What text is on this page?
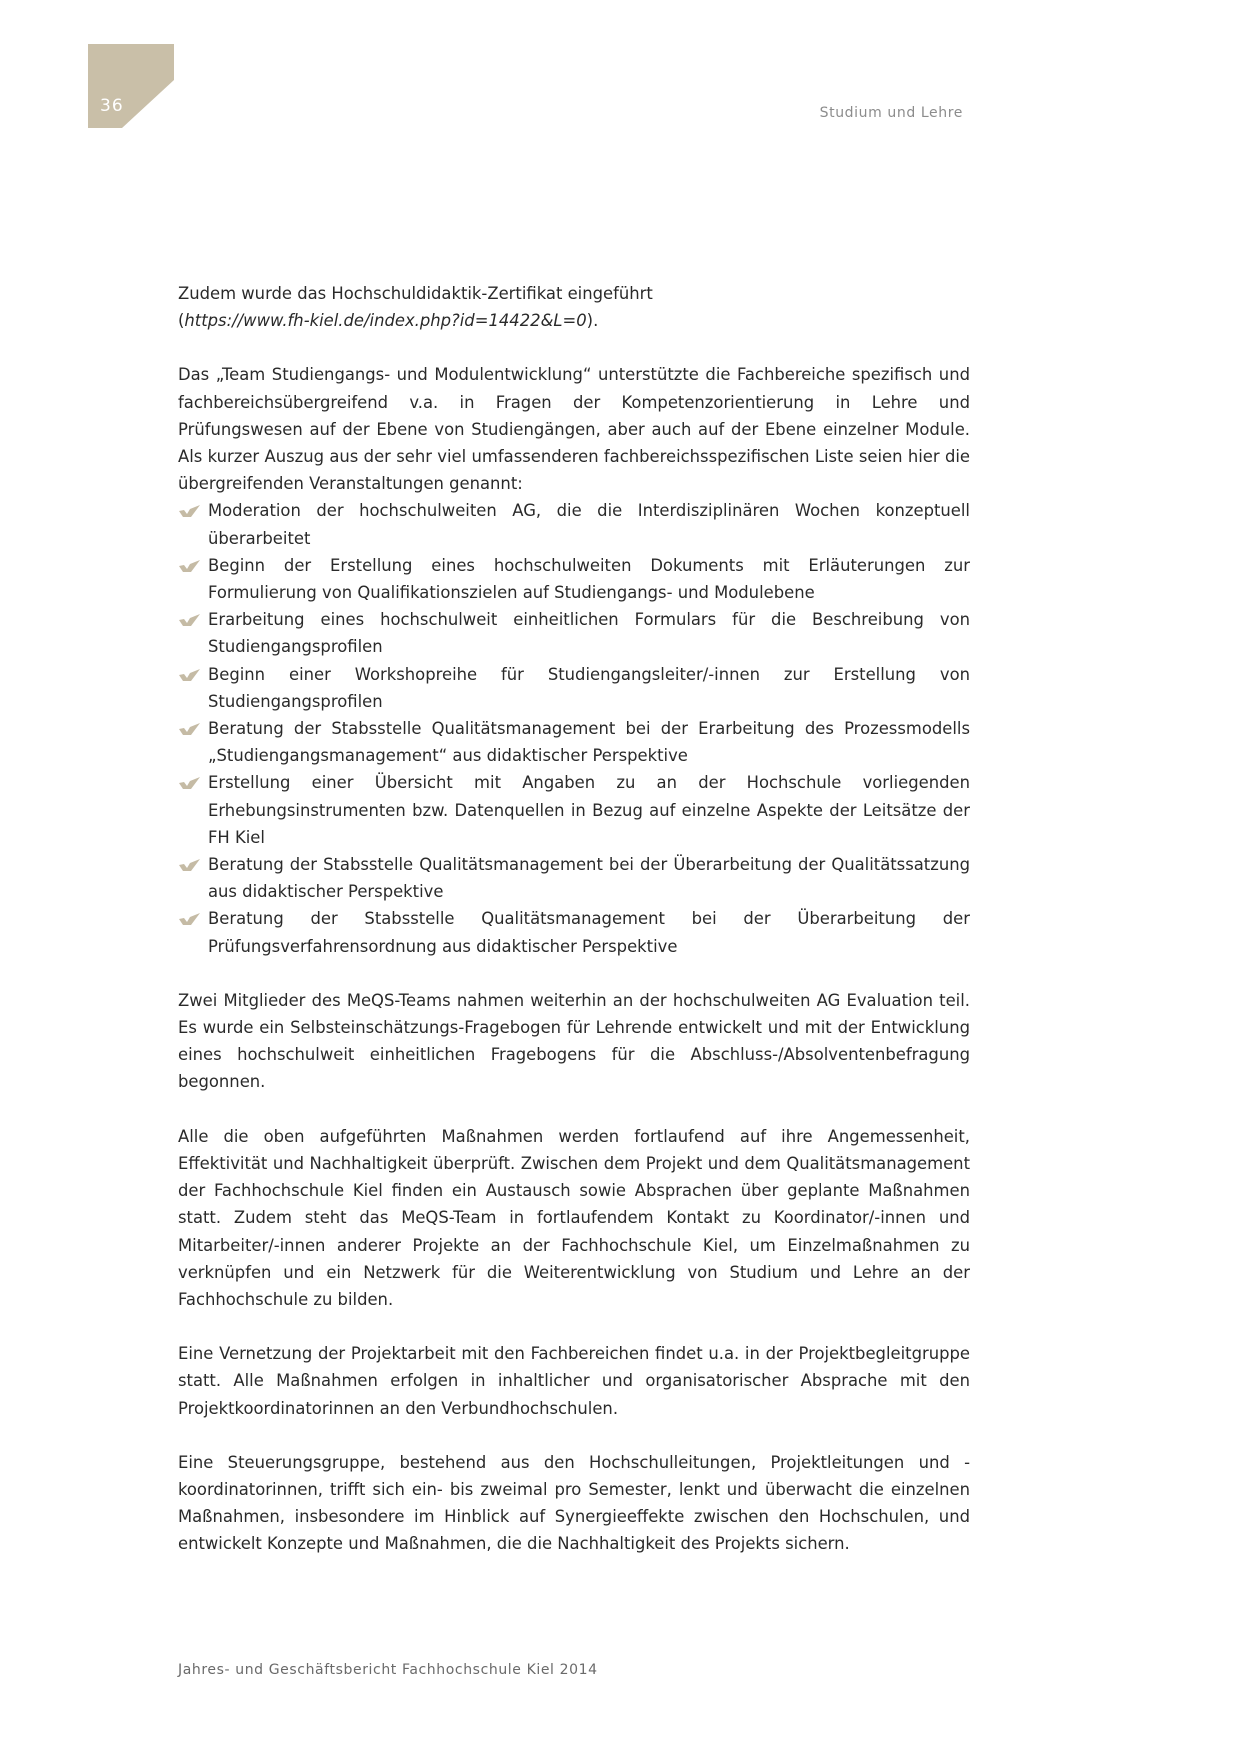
36	Studium und Lehre

Zudem wurde das Hochschuldidaktik-Zertifikat eingeführt
(https://www.fh-kiel.de/index.php?id=14422&L=0).

Das „Team Studiengangs- und Modulentwicklung“ unterstützte die Fachbereiche spezifisch und fachbereichsübergreifend v.a. in Fragen der Kompetenzorientierung in Lehre und Prüfungswesen auf der Ebene von Studiengängen, aber auch auf der Ebene einzelner Module. Als kurzer Auszug aus der sehr viel umfassenderen fachbereichsspezifischen Liste seien hier die übergreifenden Veranstaltungen genannt:

Moderation der hochschulweiten AG, die die Interdisziplinären Wochen konzeptuell überarbeitet
Beginn der Erstellung eines hochschulweiten Dokuments mit Erläuterungen zur Formulierung von Qualifikationszielen auf Studiengangs- und Modulebene
Erarbeitung eines hochschulweit einheitlichen Formulars für die Beschreibung von Studiengangsprofilen
Beginn einer Workshopreihe für Studiengangsleiter/-innen zur Erstellung von Studiengangsprofilen
Beratung der Stabsstelle Qualitätsmanagement bei der Erarbeitung des Prozessmodells „Studiengangsmanagement“ aus didaktischer Perspektive
Erstellung einer Übersicht mit Angaben zu an der Hochschule vorliegenden Erhebungsinstrumenten bzw. Datenquellen in Bezug auf einzelne Aspekte der Leitsätze der FH Kiel
Beratung der Stabsstelle Qualitätsmanagement bei der Überarbeitung der Qualitätssatzung aus didaktischer Perspektive
Beratung der Stabsstelle Qualitätsmanagement bei der Überarbeitung der Prüfungsverfahrensordnung aus didaktischer Perspektive

Zwei Mitglieder des MeQS-Teams nahmen weiterhin an der hochschulweiten AG Evaluation teil. Es wurde ein Selbsteinschätzungs-Fragebogen für Lehrende entwickelt und mit der Entwicklung eines hochschulweit einheitlichen Fragebogens für die Abschluss-/Absolventenbefragung begonnen.

Alle die oben aufgeführten Maßnahmen werden fortlaufend auf ihre Angemessenheit, Effektivität und Nachhaltigkeit überprüft. Zwischen dem Projekt und dem Qualitätsmanagement der Fachhochschule Kiel finden ein Austausch sowie Absprachen über geplante Maßnahmen statt. Zudem steht das MeQS-Team in fortlaufendem Kontakt zu Koordinator/-innen und Mitarbeiter/-innen anderer Projekte an der Fachhochschule Kiel, um Einzelmaßnahmen zu verknüpfen und ein Netzwerk für die Weiterentwicklung von Studium und Lehre an der Fachhochschule zu bilden.

Eine Vernetzung der Projektarbeit mit den Fachbereichen findet u.a. in der Projektbegleitgruppe statt. Alle Maßnahmen erfolgen in inhaltlicher und organisatorischer Absprache mit den Projektkoordinatorinnen an den Verbundhochschulen.

Eine Steuerungsgruppe, bestehend aus den Hochschulleitungen, Projektleitungen und -koordinatorinnen, trifft sich ein- bis zweimal pro Semester, lenkt und überwacht die einzelnen Maßnahmen, insbesondere im Hinblick auf Synergieeffekte zwischen den Hochschulen, und entwickelt Konzepte und Maßnahmen, die die Nachhaltigkeit des Projekts sichern.

Jahres- und Geschäftsbericht Fachhochschule Kiel 2014
